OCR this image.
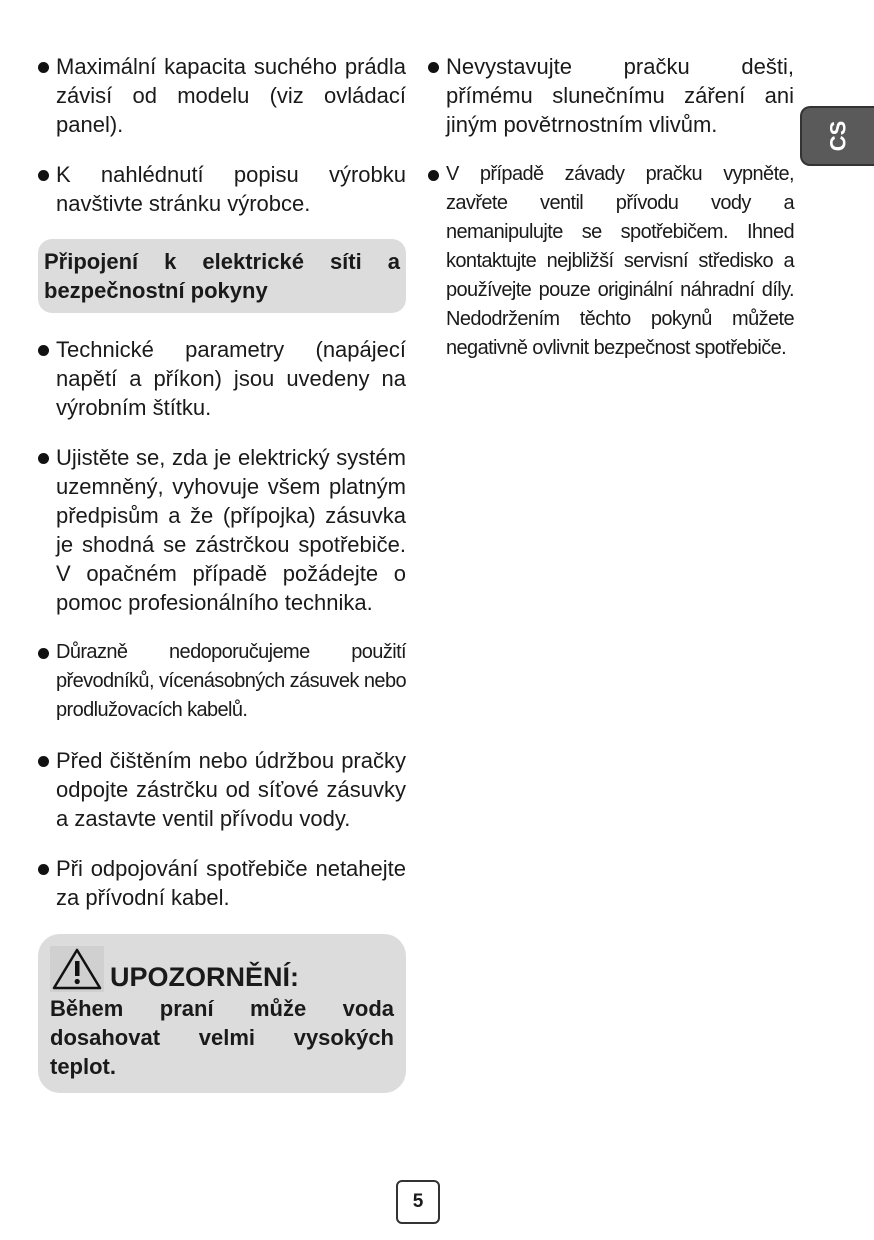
Maximální kapacita suchého prádla závisí od modelu (viz ovládací panel).
K nahlédnutí popisu výrobku navštivte stránku výrobce.
Připojení k elektrické síti a bezpečnostní pokyny
Technické parametry (napájecí napětí a příkon) jsou uvedeny na výrobním štítku.
Ujistěte se, zda je elektrický systém uzemněný, vyhovuje všem platným předpisům a že (přípojka) zásuvka je shodná se zástrčkou spotřebiče. V opačném případě požádejte o pomoc profesionálního technika.
Důrazně nedoporučujeme použití převodníků, vícenásobných zásuvek nebo prodlužovacích kabelů.
Před čištěním nebo údržbou pračky odpojte zástrčku od síťové zásuvky a zastavte ventil přívodu vody.
Při odpojování spotřebiče netahejte za přívodní kabel.
UPOZORNĚNÍ:
Během praní může voda dosahovat velmi vysokých teplot.
Nevystavujte pračku dešti, přímému slunečnímu záření ani jiným povětrnostním vlivům.
V případě závady pračku vypněte, zavřete ventil přívodu vody a nemanipulujte se spotřebičem. Ihned kontaktujte nejbližší servisní středisko a používejte pouze originální náhradní díly. Nedodržením těchto pokynů můžete negativně ovlivnit bezpečnost spotřebiče.
CS
5
